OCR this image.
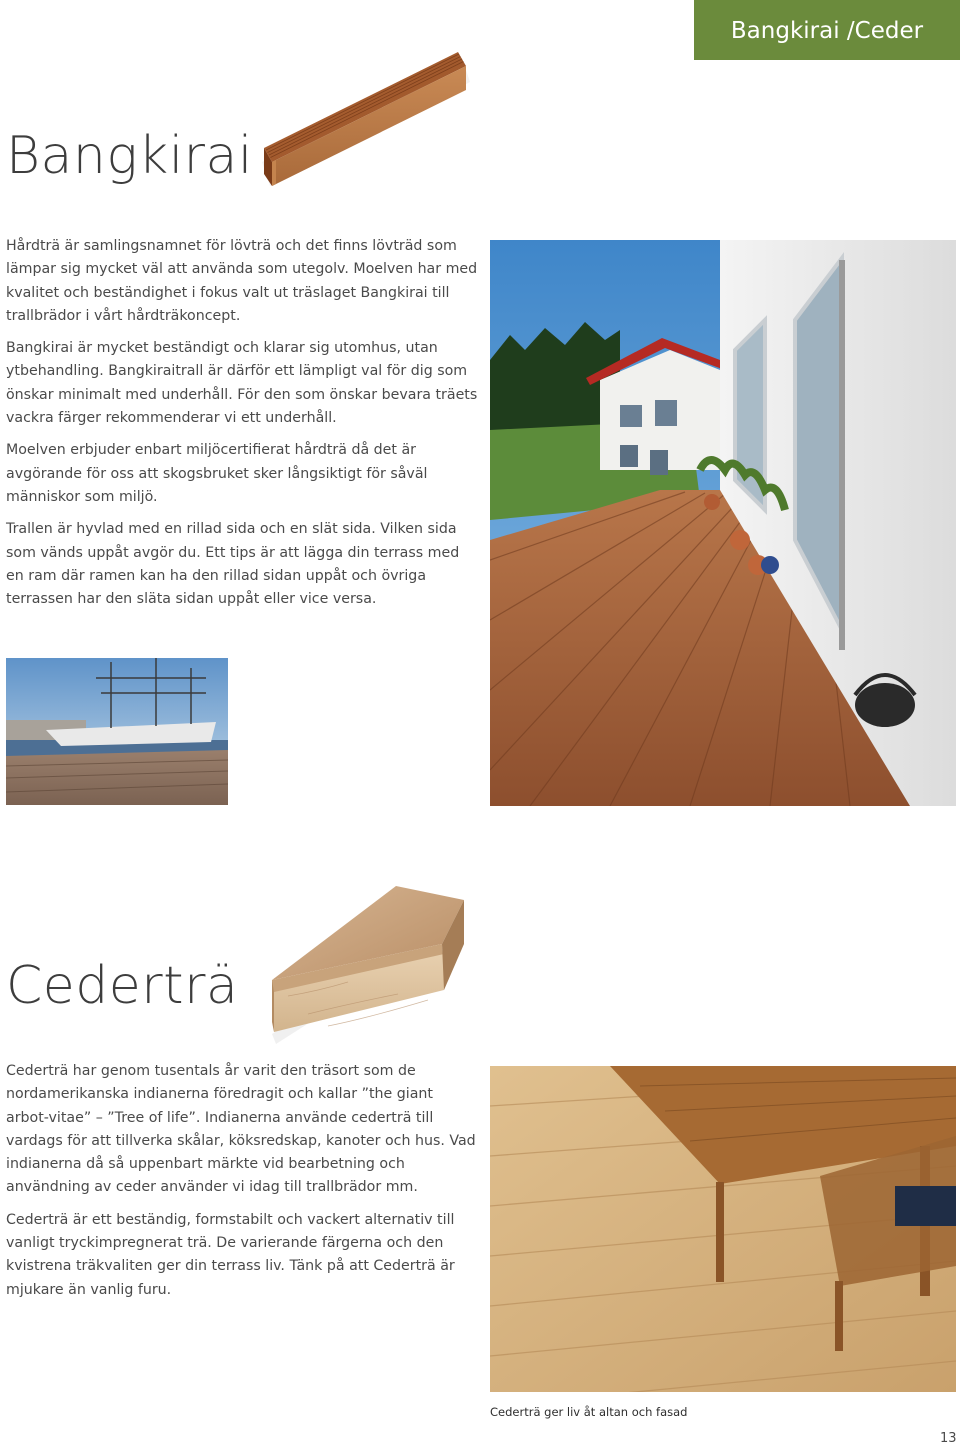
Bangkirai /Ceder
Bangkirai

Hårdträ är samlingsnamnet för lövträ och det finns lövträd som lämpar sig mycket väl att använda som utegolv. Moelven har med kvalitet och beständighet i fokus valt ut träslaget Bangkirai till trallbrädor i vårt hårdträkoncept.

Bangkirai är mycket beständigt och klarar sig utomhus, utan ytbehandling. Bangkiraitrall är därför ett lämpligt val för dig som önskar minimalt med underhåll. För den som önskar bevara träets vackra färger rekommenderar vi ett underhåll.

Moelven erbjuder enbart miljöcertifierat hårdträ då det är avgörande för oss att skogsbruket sker långsiktigt för såväl människor som miljö.

Trallen är hyvlad med en rillad sida och en slät sida. Vilken sida som vänds uppåt avgör du. Ett tips är att lägga din terrass med en ram där ramen kan ha den rillad sidan uppåt och övriga terrassen har den släta sidan uppåt eller vice versa.

Cederträ

Cederträ har genom tusentals år varit den träsort som de nordamerikanska indianerna föredragit och kallar ”the giant arbot-vitae” – ”Tree of life”. Indianerna använde cederträ till vardags för att tillverka skålar, köksredskap, kanoter och hus. Vad indianerna då så uppenbart märkte vid bearbetning och användning av ceder använder vi idag till trallbrädor mm.

Cederträ är ett beständig, formstabilt och vackert alternativ till vanligt tryckimpregnerat trä. De varierande färgerna och den kvistrena träkvaliten ger din terrass liv. Tänk på att Cederträ är mjukare än vanlig furu.

Cederträ ger liv åt altan och fasad
13
